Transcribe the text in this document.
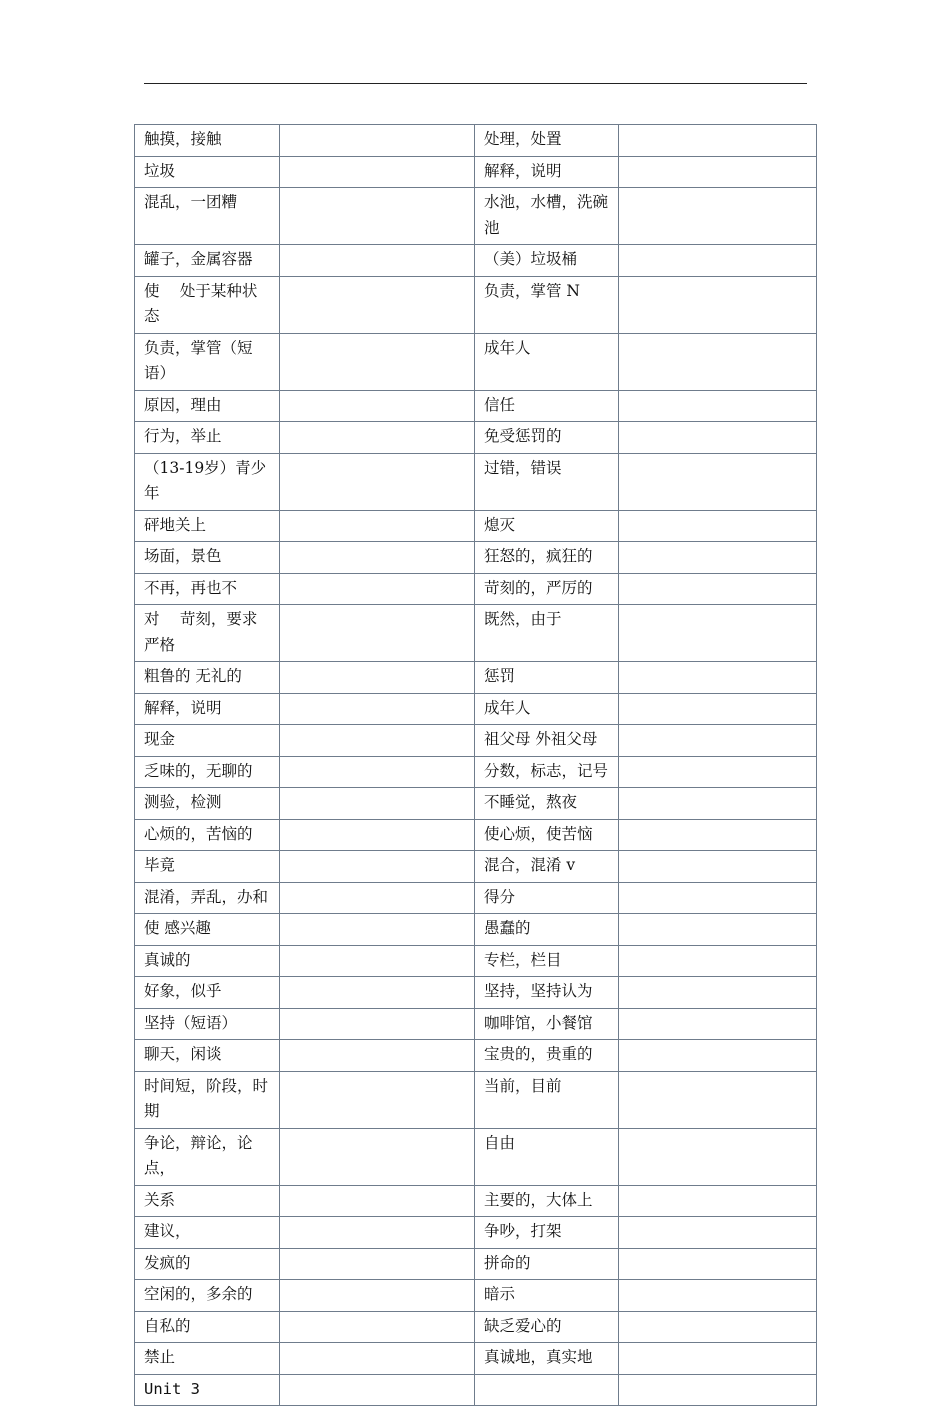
触摸，接触		处理，处置	
垃圾		解释，说明	
混乱，一团糟		水池，水槽，洗碗池	
罐子，金属容器		（美）垃圾桶	
使　 处于某种状态		负责，掌管 N	
负责，掌管（短语）		成年人	
原因，理由		信任	
行为，举止		免受惩罚的	
（13-19岁）青少年		过错，错误	
砰地关上		熄灭	
场面，景色		狂怒的，疯狂的	
不再，再也不		苛刻的，严厉的	
对　 苛刻，要求严格		既然，由于	
粗鲁的 无礼的		惩罚	
解释，说明		成年人	
现金		祖父母 外祖父母	
乏味的，无聊的		分数，标志，记号	
测验，检测		不睡觉，熬夜	
心烦的，苦恼的		使心烦，使苦恼	
毕竟		混合，混淆 v	
混淆，弄乱，办和		得分	
使 感兴趣		愚蠢的	
真诚的		专栏，栏目	
好象，似乎		坚持，坚持认为	
坚持（短语）		咖啡馆，小餐馆	
聊天，闲谈		宝贵的，贵重的	
时间短，阶段，时期		当前，目前	
争论，辩论，论点，		自由	
关系		主要的，大体上	
建议，		争吵，打架	
发疯的		拼命的	
空闲的，多余的		暗示	
自私的		缺乏爱心的	
禁止		真诚地，真实地	
Unit 3			
